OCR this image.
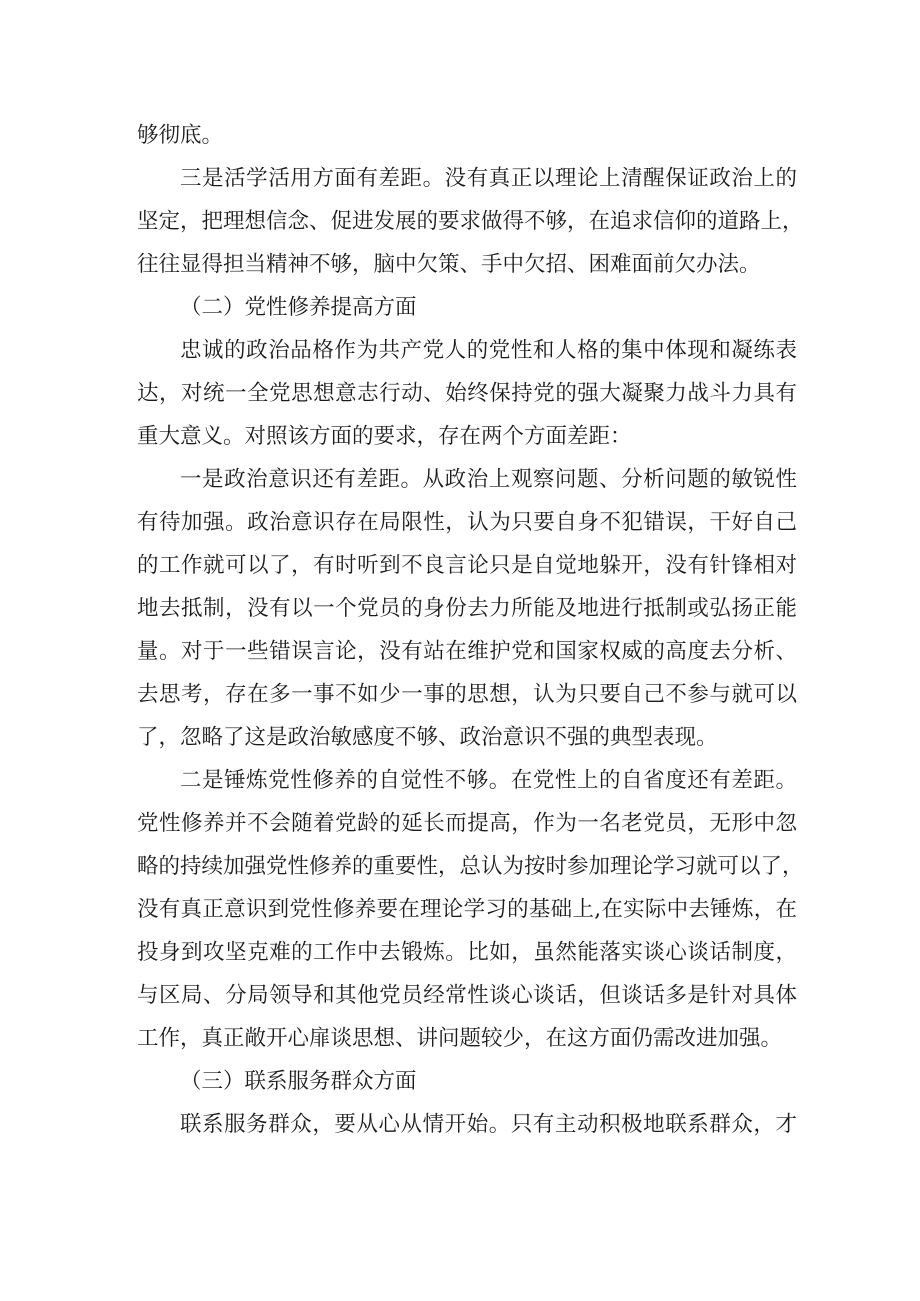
够彻底。
三是活学活用方面有差距。没有真正以理论上清醒保证政治上的
坚定，把理想信念、促进发展的要求做得不够，在追求信仰的道路上，
往往显得担当精神不够，脑中欠策、手中欠招、困难面前欠办法。
（二）党性修养提高方面
忠诚的政治品格作为共产党人的党性和人格的集中体现和凝练表
达，对统一全党思想意志行动、始终保持党的强大凝聚力战斗力具有
重大意义。对照该方面的要求，存在两个方面差距：
一是政治意识还有差距。从政治上观察问题、分析问题的敏锐性
有待加强。政治意识存在局限性，认为只要自身不犯错误，干好自己
的工作就可以了，有时听到不良言论只是自觉地躲开，没有针锋相对
地去抵制，没有以一个党员的身份去力所能及地进行抵制或弘扬正能
量。对于一些错误言论，没有站在维护党和国家权威的高度去分析、
去思考，存在多一事不如少一事的思想，认为只要自己不参与就可以
了，忽略了这是政治敏感度不够、政治意识不强的典型表现。
二是锤炼党性修养的自觉性不够。在党性上的自省度还有差距。
党性修养并不会随着党龄的延长而提高，作为一名老党员，无形中忽
略的持续加强党性修养的重要性，总认为按时参加理论学习就可以了，
没有真正意识到党性修养要在理论学习的基础上,在实际中去锤炼，在
投身到攻坚克难的工作中去锻炼。比如，虽然能落实谈心谈话制度，
与区局、分局领导和其他党员经常性谈心谈话，但谈话多是针对具体
工作，真正敞开心扉谈思想、讲问题较少，在这方面仍需改进加强。
（三）联系服务群众方面
联系服务群众，要从心从情开始。只有主动积极地联系群众，才
